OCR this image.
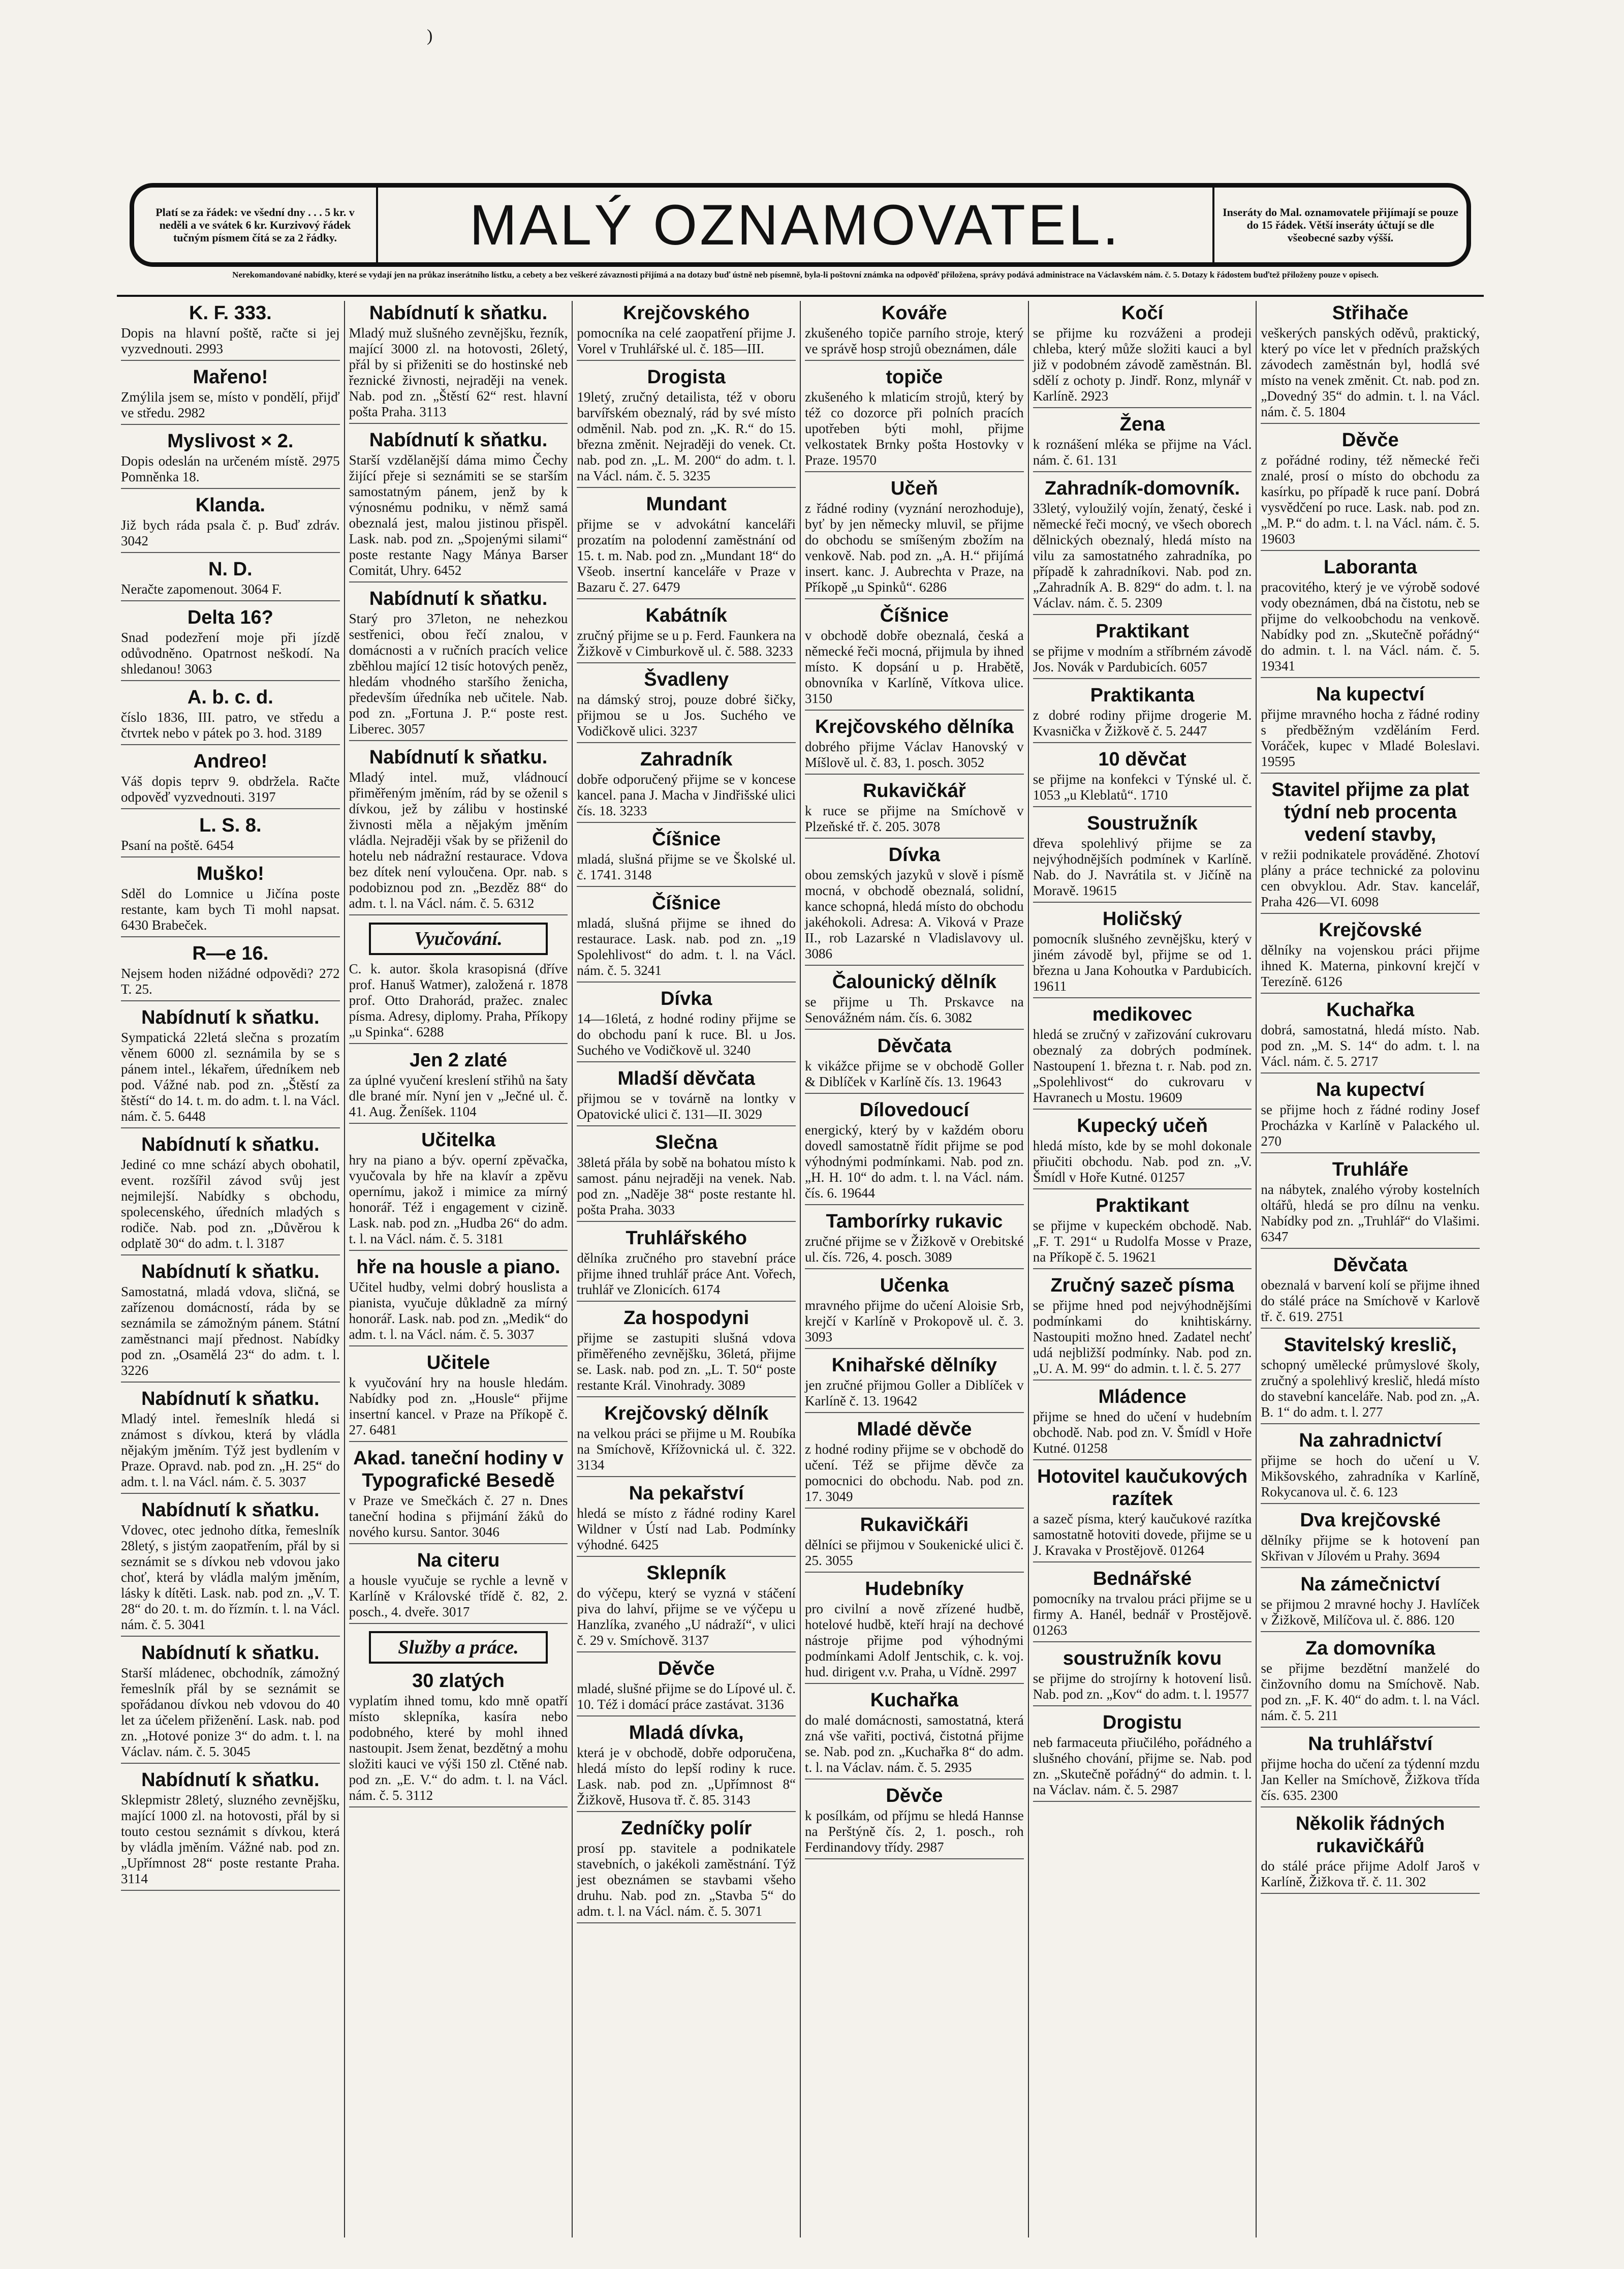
)
Platí se za řádek: ve všední dny . . . 5 kr. v neděli a ve svátek 6 kr. Kurzivový řádek tučným písmem čítá se za 2 řádky.	MALÝ OZNAMOVATEL.	Inseráty do Mal. oznamovatele přijímají se pouze do 15 řádek. Větší inseráty účtují se dle všeobecné sazby výšší.
Nerekomandované nabídky, které se vydají jen na průkaz inserátního lístku, a cebety a bez veškeré závaznosti přijímá a na dotazy buď ústně neb písemně, byla-li poštovní známka na odpověď přiložena, správy podává administrace na Václavském nám. č. 5. Dotazy k řádostem buďtež přiloženy pouze v opisech.
K. F. 333.
Dopis na hlavní poště, račte si jej vyzvednouti. 2993
Mařeno!
Zmýlila jsem se, místo v pondělí, přijď ve středu. 2982
Myslivost × 2.
Dopis odeslán na určeném místě. 2975 Pomněnka 18.
Klanda.
Již bych ráda psala č. p. Buď zdráv. 3042
N. D.
Neračte zapomenout. 3064 F.
Delta 16?
Snad podezření moje při jízdě odůvodněno. Opatrnost neškodí. Na shledanou! 3063
A. b. c. d.
číslo 1836, III. patro, ve středu a čtvrtek nebo v pátek po 3. hod. 3189
Andreo!
Váš dopis teprv 9. obdržela. Račte odpověď vyzvednouti. 3197
L. S. 8.
Psaní na poště. 6454
Muško!
Sděl do Lomnice u Jičína poste restante, kam bych Ti mohl napsat. 6430 Brabeček.
R—e 16.
Nejsem hoden nižádné odpovědi? 272 T. 25.
Nabídnutí k sňatku.
Sympatická 22letá slečna s prozatím věnem 6000 zl. seznámila by se s pánem intel., lékařem, úředníkem neb pod. Vážné nab. pod zn. „Štěstí za štěstí“ do 14. t. m. do adm. t. l. na Václ. nám. č. 5. 6448
Nabídnutí k sňatku.
Jediné co mne schází abych obohatil, event. rozšířil závod svůj jest nejmilejší. Nabídky s obchodu, spolecenského, úředních mladých s rodiče. Nab. pod zn. „Důvěrou k odplatě 30“ do adm. t. l. 3187
Nabídnutí k sňatku.
Samostatná, mladá vdova, sličná, se zařízenou domácností, ráda by se seznámila se zámožným pánem. Státní zaměstnanci mají přednost. Nabídky pod zn. „Osamělá 23“ do adm. t. l. 3226
Nabídnutí k sňatku.
Mladý intel. řemeslník hledá si známost s dívkou, která by vládla nějakým jměním. Týž jest bydlením v Praze. Opravd. nab. pod zn. „H. 25“ do adm. t. l. na Václ. nám. č. 5. 3037
Nabídnutí k sňatku.
Vdovec, otec jednoho dítka, řemeslník 28letý, s jistým zaopatřením, přál by si seznámit se s dívkou neb vdovou jako choť, která by vládla malým jměním, lásky k dítěti. Lask. nab. pod zn. „V. T. 28“ do 20. t. m. do řízmín. t. l. na Václ. nám. č. 5. 3041
Nabídnutí k sňatku.
Starší mládenec, obchodník, zámožný řemeslník přál by se seznámit se spořádanou dívkou neb vdovou do 40 let za účelem přiženění. Lask. nab. pod zn. „Hotové ponize 3“ do adm. t. l. na Václav. nám. č. 5. 3045
Nabídnutí k sňatku.
Sklepmistr 28letý, sluzného zevnějšku, mající 1000 zl. na hotovosti, přál by si touto cestou seznámit s dívkou, která by vládla jměním. Vážné nab. pod zn. „Upřímnost 28“ poste restante Praha. 3114
Nabídnutí k sňatku.
Mladý muž slušného zevnějšku, řezník, mající 3000 zl. na hotovosti, 26letý, přál by si přiženiti se do hostinské neb řeznické živnosti, nejraději na venek. Nab. pod zn. „Štěstí 62“ rest. hlavní pošta Praha. 3113
Nabídnutí k sňatku.
Starší vzdělanější dáma mimo Čechy žijící přeje si seznámiti se se starším samostatným pánem, jenž by k výnosnému podniku, v němž samá obeznalá jest, malou jistinou přispěl. Lask. nab. pod zn. „Spojenými silami“ poste restante Nagy Mánya Barser Comitát, Uhry. 6452
Nabídnutí k sňatku.
Starý pro 37leton, ne nehezkou sestřenici, obou řečí znalou, v domácnosti a v ručních pracích velice zběhlou mající 12 tisíc hotových peněz, hledám vhodného staršího ženicha, především úředníka neb učitele. Nab. pod zn. „Fortuna J. P.“ poste rest. Liberec. 3057
Nabídnutí k sňatku.
Mladý intel. muž, vládnoucí přiměřeným jměním, rád by se oženil s dívkou, jež by zálibu v hostinské živnosti měla a nějakým jměním vládla. Nejraději však by se přiženil do hotelu neb nádražní restaurace. Vdova bez dítek není vyloučena. Opr. nab. s podobiznou pod zn. „Bezděz 88“ do adm. t. l. na Václ. nám. č. 5. 6312
Vyučování.
C. k. autor. škola krasopisná (dříve prof. Hanuš Watmer), založená r. 1878 prof. Otto Drahorád, pražec. znalec písma. Adresy, diplomy. Praha, Příkopy „u Spinka“. 6288
Jen 2 zlaté
za úplné vyučení kreslení střihů na šaty dle brané mír. Nyní jen v „Ječné ul. č. 41. Aug. Ženíšek. 1104
Učitelka
hry na piano a býv. operní zpěvačka, vyučovala by hře na klavír a zpěvu opernímu, jakož i mimice za mírný honorář. Též i engagement v cizině. Lask. nab. pod zn. „Hudba 26“ do adm. t. l. na Václ. nám. č. 5. 3181
hře na housle a piano.
Učitel hudby, velmi dobrý houslista a pianista, vyučuje důkladně za mírný honorář. Lask. nab. pod zn. „Medik“ do adm. t. l. na Václ. nám. č. 5. 3037
Učitele
k vyučování hry na housle hledám. Nabídky pod zn. „Housle“ přijme insertní kancel. v Praze na Příkopě č. 27. 6481
Akad. taneční hodiny v Typografické Besedě
v Praze ve Smečkách č. 27 n. Dnes taneční hodina s přijmání žáků do nového kursu. Santor. 3046
Na citeru
a housle vyučuje se rychle a levně v Karlíně v Královské třídě č. 82, 2. posch., 4. dveře. 3017
Služby a práce.
30 zlatých
vyplatím ihned tomu, kdo mně opatří místo sklepníka, kasíra nebo podobného, které by mohl ihned nastoupit. Jsem ženat, bezdětný a mohu složiti kauci ve výši 150 zl. Ctěné nab. pod zn. „E. V.“ do adm. t. l. na Václ. nám. č. 5. 3112
Krejčovského
pomocníka na celé zaopatření přijme J. Vorel v Truhlářské ul. č. 185—III.
Drogista
19letý, zručný detailista, též v oboru barvířském obeznalý, rád by své místo odměnil. Nab. pod zn. „K. R.“ do 15. března změnit. Nejraději do venek. Ct. nab. pod zn. „L. M. 200“ do adm. t. l. na Václ. nám. č. 5. 3235
Mundant
přijme se v advokátní kanceláři prozatím na polodenní zaměstnání od 15. t. m. Nab. pod zn. „Mundant 18“ do Všeob. insertní kanceláře v Praze v Bazaru č. 27. 6479
Kabátník
zručný přijme se u p. Ferd. Faunkera na Žižkově v Cimburkově ul. č. 588. 3233
Švadleny
na dámský stroj, pouze dobré šičky, přijmou se u Jos. Suchého ve Vodičkově ulici. 3237
Zahradník
dobře odporučený přijme se v koncese kancel. pana J. Macha v Jindřišské ulici čís. 18. 3233
Číšnice
mladá, slušná přijme se ve Školské ul. č. 1741. 3148
Číšnice
mladá, slušná přijme se ihned do restaurace. Lask. nab. pod zn. „19 Spolehlivost“ do adm. t. l. na Václ. nám. č. 5. 3241
Dívka
14—16letá, z hodné rodiny přijme se do obchodu paní k ruce. Bl. u Jos. Suchého ve Vodičkově ul. 3240
Mladší děvčata
přijmou se v továrně na lontky v Opatovické ulici č. 131—II. 3029
Slečna
38letá přála by sobě na bohatou místo k samost. pánu nejraději na venek. Nab. pod zn. „Naděje 38“ poste restante hl. pošta Praha. 3033
Truhlářského
dělníka zručného pro stavební práce přijme ihned truhlář práce Ant. Vořech, truhlář ve Zlonicích. 6174
Za hospodyni
přijme se zastupiti slušná vdova přiměřeného zevnějšku, 36letá, přijme se. Lask. nab. pod zn. „L. T. 50“ poste restante Král. Vinohrady. 3089
Krejčovský dělník
na velkou práci se přijme u M. Roubíka na Smíchově, Křížovnická ul. č. 322. 3134
Na pekařství
hledá se místo z řádné rodiny Karel Wildner v Ústí nad Lab. Podmínky výhodné. 6425
Sklepník
do výčepu, který se vyzná v stáčení piva do lahví, přijme se ve výčepu u Hanzlíka, zvaného „U nádraží“, v ulici č. 29 v. Smíchově. 3137
Děvče
mladé, slušné přijme se do Lípové ul. č. 10. Též i domácí práce zastávat. 3136
Mladá dívka,
která je v obchodě, dobře odporučena, hledá místo do lepší rodiny k ruce. Lask. nab. pod zn. „Upřímnost 8“ Žižkově, Husova tř. č. 85. 3143
Zedníčky polír
prosí pp. stavitele a podnikatele stavebních, o jakékoli zaměstnání. Týž jest obeznámen se stavbami všeho druhu. Nab. pod zn. „Stavba 5“ do adm. t. l. na Václ. nám. č. 5. 3071
Kováře
zkušeného topiče parního stroje, který ve správě hosp strojů obeznámen, dále
topiče
zkušeného k mlaticím strojů, který by též co dozorce při polních pracích upotřeben býti mohl, přijme velkostatek Brnky pošta Hostovky v Praze. 19570
Učeň
z řádné rodiny (vyznání nerozhoduje), byť by jen německy mluvil, se přijme do obchodu se smíšeným zbožím na venkově. Nab. pod zn. „A. H.“ přijímá insert. kanc. J. Aubrechta v Praze, na Příkopě „u Spinků“. 6286
Číšnice
v obchodě dobře obeznalá, česká a německé řeči mocná, přijmula by ihned místo. K dopsání u p. Hrabětě, obnovníka v Karlíně, Vítkova ulice. 3150
Krejčovského dělníka
dobrého přijme Václav Hanovský v Míšlově ul. č. 83, 1. posch. 3052
Rukavičkář
k ruce se přijme na Smíchově v Plzeňské tř. č. 205. 3078
Dívka
obou zemských jazyků v slově i písmě mocná, v obchodě obeznalá, solidní, kance schopná, hledá místo do obchodu jakéhokoli. Adresa: A. Viková v Praze II., rob Lazarské n Vladislavovy ul. 3086
Čalounický dělník
se přijme u Th. Prskavce na Senovážném nám. čís. 6. 3082
Děvčata
k vikážce přijme se v obchodě Goller & Diblíček v Karlíně čís. 13. 19643
Dílovedoucí
energický, který by v každém oboru dovedl samostatně řídit přijme se pod výhodnými podmínkami. Nab. pod zn. „H. H. 10“ do adm. t. l. na Václ. nám. čís. 6. 19644
Tamborírky rukavic
zručné přijme se v Žižkově v Orebitské ul. čís. 726, 4. posch. 3089
Učenka
mravného přijme do učení Aloisie Srb, krejčí v Karlíně v Prokopově ul. č. 3. 3093
Knihařské dělníky
jen zručné přijmou Goller a Diblíček v Karlíně č. 13. 19642
Mladé děvče
z hodné rodiny přijme se v obchodě do učení. Též se přijme děvče za pomocnici do obchodu. Nab. pod zn. 17. 3049
Rukavičkáři
dělníci se přijmou v Soukenické ulici č. 25. 3055
Hudebníky
pro civilní a nově zřízené hudbě, hotelové hudbě, kteří hrají na dechové nástroje přijme pod výhodnými podmínkami Adolf Jentschik, c. k. voj. hud. dirigent v.v. Praha, u Vídně. 2997
Kuchařka
do malé domácnosti, samostatná, která zná vše vařiti, poctivá, čistotná přijme se. Nab. pod zn. „Kuchařka 8“ do adm. t. l. na Václav. nám. č. 5. 2935
Děvče
k posílkám, od příjmu se hledá Hannse na Perštýně čís. 2, 1. posch., roh Ferdinandovy třídy. 2987
Kočí
se přijme ku rozváženi a prodeji chleba, který může složiti kauci a byl již v podobném závodě zaměstnán. Bl. sdělí z ochoty p. Jindř. Ronz, mlynář v Karlíně. 2923
Žena
k roznášení mléka se přijme na Václ. nám. č. 61. 131
Zahradník-domovník.
33letý, vyloužilý vojín, ženatý, české i německé řeči mocný, ve všech oborech dělnických obeznalý, hledá místo na vilu za samostatného zahradníka, po případě k zahradníkovi. Nab. pod zn. „Zahradník A. B. 829“ do adm. t. l. na Václav. nám. č. 5. 2309
Praktikant
se přijme v modním a stříbrném závodě Jos. Novák v Pardubicích. 6057
Praktikanta
z dobré rodiny přijme drogerie M. Kvasnička v Žižkově č. 5. 2447
10 děvčat
se přijme na konfekci v Týnské ul. č. 1053 „u Kleblatů“. 1710
Soustružník
dřeva spolehlivý přijme se za nejvýhodnějších podmínek v Karlíně. Nab. do J. Navrátila st. v Jičíně na Moravě. 19615
Holičský
pomocník slušného zevnějšku, který v jiném závodě byl, přijme se od 1. března u Jana Kohoutka v Pardubicích. 19611
medikovec
hledá se zručný v zařizování cukrovaru obeznalý za dobrých podmínek. Nastoupení 1. března t. r. Nab. pod zn. „Spolehlivost“ do cukrovaru v Havranech u Mostu. 19609
Kupecký učeň
hledá místo, kde by se mohl dokonale přiučiti obchodu. Nab. pod zn. „V. Šmídl v Hoře Kutné. 01257
Praktikant
se přijme v kupeckém obchodě. Nab. „F. T. 291“ u Rudolfa Mosse v Praze, na Příkopě č. 5. 19621
Zručný sazeč písma
se přijme hned pod nejvýhodnějšími podmínkami do knihtiskárny. Nastoupiti možno hned. Zadatel nechť udá nejbližší podmínky. Nab. pod zn. „U. A. M. 99“ do admin. t. l. č. 5. 277
Mládence
přijme se hned do učení v hudebním obchodě. Nab. pod zn. V. Šmídl v Hoře Kutné. 01258
Hotovitel kaučukových razítek
a sazeč písma, který kaučukové razítka samostatně hotoviti dovede, přijme se u J. Kravaka v Prostějově. 01264
Bednářské
pomocníky na trvalou práci přijme se u firmy A. Hanél, bednář v Prostějově. 01263
soustružník kovu
se přijme do strojírny k hotovení lisů. Nab. pod zn. „Kov“ do adm. t. l. 19577
Drogistu
neb farmaceuta přiučilého, pořádného a slušného chování, přijme se. Nab. pod zn. „Skutečně pořádný“ do admin. t. l. na Václav. nám. č. 5. 2987
Střihače
veškerých panských oděvů, praktický, který po více let v předních pražských závodech zaměstnán byl, hodlá své místo na venek změnit. Ct. nab. pod zn. „Dovedný 35“ do admin. t. l. na Václ. nám. č. 5. 1804
Děvče
z pořádné rodiny, též německé řeči znalé, prosí o místo do obchodu za kasírku, po případě k ruce paní. Dobrá vysvědčení po ruce. Lask. nab. pod zn. „M. P.“ do adm. t. l. na Václ. nám. č. 5. 19603
Laboranta
pracovitého, který je ve výrobě sodové vody obeznámen, dbá na čistotu, neb se přijme do velkoobchodu na venkově. Nabídky pod zn. „Skutečně pořádný“ do admin. t. l. na Václ. nám. č. 5. 19341
Na kupectví
přijme mravného hocha z řádné rodiny s předběžným vzděláním Ferd. Voráček, kupec v Mladé Boleslavi. 19595
Stavitel přijme za plat týdní neb procenta vedení stavby,
v režii podnikatele prováděné. Zhotoví plány a práce technické za polovinu cen obvyklou. Adr. Stav. kancelář, Praha 426—VI. 6098
Krejčovské
dělníky na vojenskou práci přijme ihned K. Materna, pinkovní krejčí v Terezíně. 6126
Kuchařka
dobrá, samostatná, hledá místo. Nab. pod zn. „M. S. 14“ do adm. t. l. na Václ. nám. č. 5. 2717
Na kupectví
se přijme hoch z řádné rodiny Josef Procházka v Karlíně v Palackého ul. 270
Truhláře
na nábytek, znalého výroby kostelních oltářů, hledá se pro dílnu na venku. Nabídky pod zn. „Truhlář“ do Vlašimi. 6347
Děvčata
obeznalá v barvení kolí se přijme ihned do stálé práce na Smíchově v Karlově tř. č. 619. 2751
Stavitelský kreslič,
schopný umělecké průmyslové školy, zručný a spolehlivý kreslič, hledá místo do stavební kanceláře. Nab. pod zn. „A. B. 1“ do adm. t. l. 277
Na zahradnictví
přijme se hoch do učení u V. Mikšovského, zahradníka v Karlíně, Rokycanova ul. č. 6. 123
Dva krejčovské
dělníky přijme se k hotovení pan Skřivan v Jílovém u Prahy. 3694
Na zámečnictví
se přijmou 2 mravné hochy J. Havlíček v Žižkově, Milíčova ul. č. 886. 120
Za domovníka
se přijme bezdětní manželé do činžovního domu na Smíchově. Nab. pod zn. „F. K. 40“ do adm. t. l. na Václ. nám. č. 5. 211
Na truhlářství
přijme hocha do učení za týdenní mzdu Jan Keller na Smíchově, Žižkova třída čís. 635. 2300
Několik řádných rukavičkářů
do stálé práce přijme Adolf Jaroš v Karlíně, Žižkova tř. č. 11. 302
